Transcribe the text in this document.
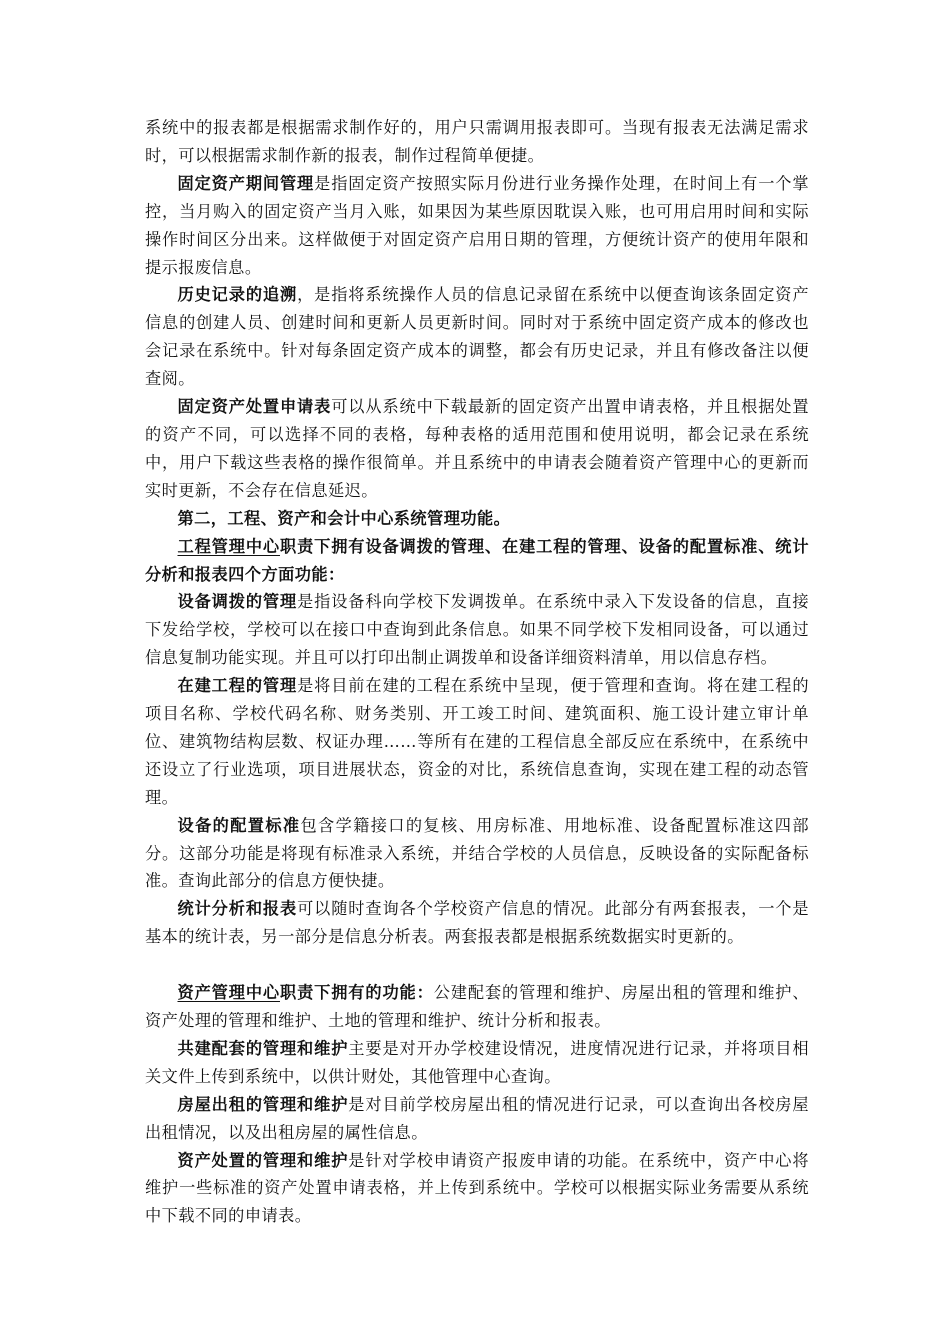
系统中的报表都是根据需求制作好的，用户只需调用报表即可。当现有报表无法满足需求时，可以根据需求制作新的报表，制作过程简单便捷。

固定资产期间管理是指固定资产按照实际月份进行业务操作处理，在时间上有一个掌控，当月购入的固定资产当月入账，如果因为某些原因耽误入账，也可用启用时间和实际操作时间区分出来。这样做便于对固定资产启用日期的管理，方便统计资产的使用年限和提示报废信息。

历史记录的追溯，是指将系统操作人员的信息记录留在系统中以便查询该条固定资产信息的创建人员、创建时间和更新人员更新时间。同时对于系统中固定资产成本的修改也会记录在系统中。针对每条固定资产成本的调整，都会有历史记录，并且有修改备注以便查阅。

固定资产处置申请表可以从系统中下载最新的固定资产出置申请表格，并且根据处置的资产不同，可以选择不同的表格，每种表格的适用范围和使用说明，都会记录在系统中，用户下载这些表格的操作很简单。并且系统中的申请表会随着资产管理中心的更新而实时更新，不会存在信息延迟。

第二，工程、资产和会计中心系统管理功能。

工程管理中心职责下拥有设备调拨的管理、在建工程的管理、设备的配置标准、统计分析和报表四个方面功能：

设备调拨的管理是指设备科向学校下发调拨单。在系统中录入下发设备的信息，直接下发给学校，学校可以在接口中查询到此条信息。如果不同学校下发相同设备，可以通过信息复制功能实现。并且可以打印出制止调拨单和设备详细资料清单，用以信息存档。

在建工程的管理是将目前在建的工程在系统中呈现，便于管理和查询。将在建工程的项目名称、学校代码名称、财务类别、开工竣工时间、建筑面积、施工设计建立审计单位、建筑物结构层数、权证办理……等所有在建的工程信息全部反应在系统中，在系统中还设立了行业选项，项目进展状态，资金的对比，系统信息查询，实现在建工程的动态管理。

设备的配置标准包含学籍接口的复核、用房标准、用地标准、设备配置标准这四部分。这部分功能是将现有标准录入系统，并结合学校的人员信息，反映设备的实际配备标准。查询此部分的信息方便快捷。

统计分析和报表可以随时查询各个学校资产信息的情况。此部分有两套报表，一个是基本的统计表，另一部分是信息分析表。两套报表都是根据系统数据实时更新的。

资产管理中心职责下拥有的功能：公建配套的管理和维护、房屋出租的管理和维护、资产处理的管理和维护、土地的管理和维护、统计分析和报表。

共建配套的管理和维护主要是对开办学校建设情况，进度情况进行记录，并将项目相关文件上传到系统中，以供计财处，其他管理中心查询。

房屋出租的管理和维护是对目前学校房屋出租的情况进行记录，可以查询出各校房屋出租情况，以及出租房屋的属性信息。

资产处置的管理和维护是针对学校申请资产报废申请的功能。在系统中，资产中心将维护一些标准的资产处置申请表格，并上传到系统中。学校可以根据实际业务需要从系统中下载不同的申请表。
